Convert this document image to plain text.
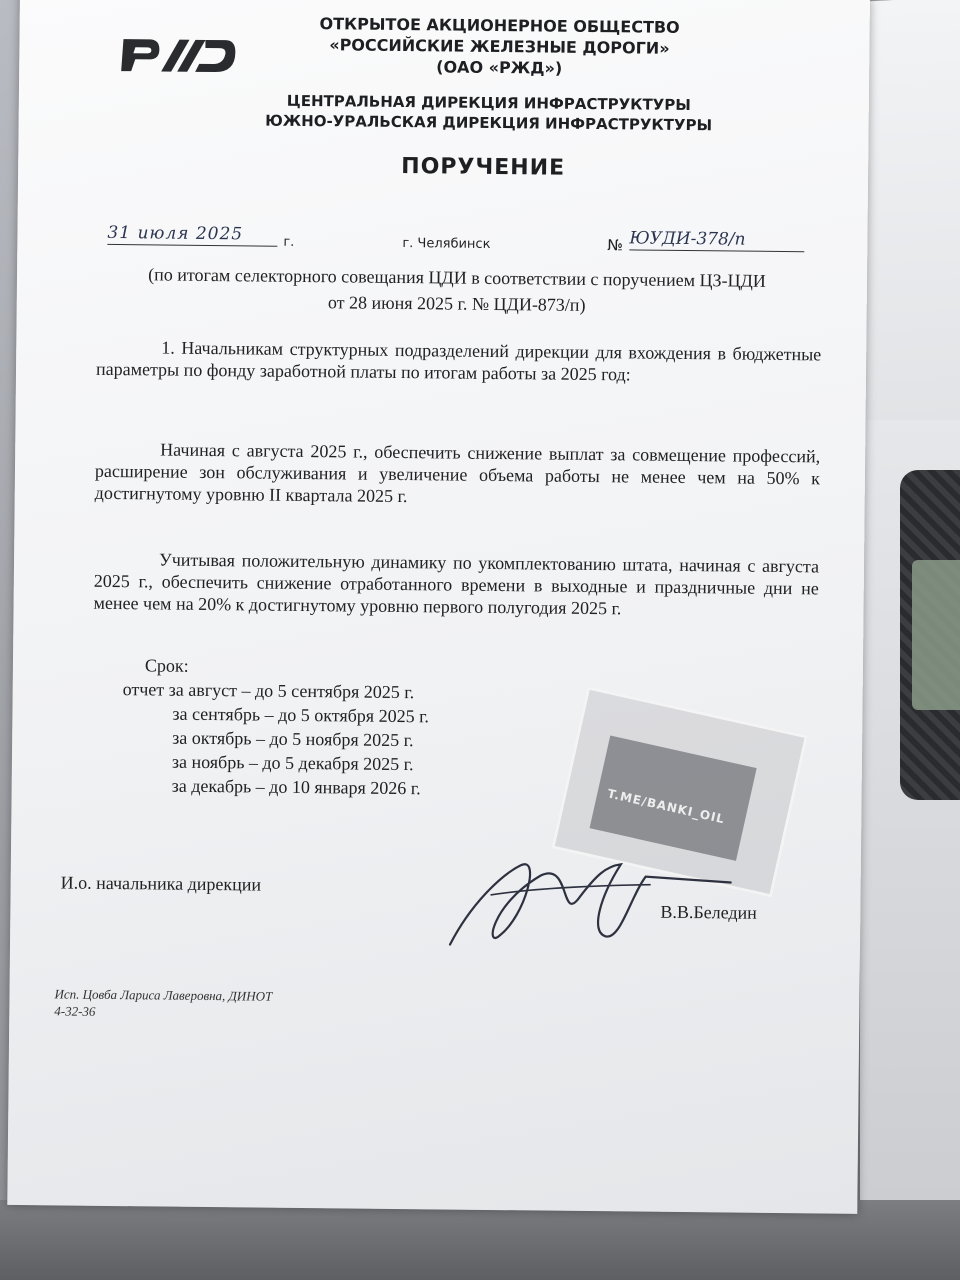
ОТКРЫТОЕ АКЦИОНЕРНОЕ ОБЩЕСТВО
«РОССИЙСКИЕ ЖЕЛЕЗНЫЕ ДОРОГИ»
(ОАО «РЖД»)
ЦЕНТРАЛЬНАЯ ДИРЕКЦИЯ ИНФРАСТРУКТУРЫ
ЮЖНО-УРАЛЬСКАЯ ДИРЕКЦИЯ ИНФРАСТРУКТУРЫ
ПОРУЧЕНИЕ
31 июля 2025	г.	г. Челябинск	№ ЮУДИ-378/п
(по итогам селекторного совещания ЦДИ в соответствии с поручением ЦЗ-ЦДИ
от 28 июня 2025 г. № ЦДИ-873/п)
1. Начальникам структурных подразделений дирекции для вхождения в бюджетные параметры по фонду заработной платы по итогам работы за 2025 год:
Начиная с августа 2025 г., обеспечить снижение выплат за совмещение профессий, расширение зон обслуживания и увеличение объема работы не менее чем на 50% к достигнутому уровню II квартала 2025 г.
Учитывая положительную динамику по укомплектованию штата, начиная с августа 2025 г., обеспечить снижение отработанного времени в выходные и праздничные дни не менее чем на 20% к достигнутому уровню первого полугодия 2025 г.
Срок:
отчет за август – до 5 сентября 2025 г.
за сентябрь – до 5 октября 2025 г.
за октябрь – до 5 ноября 2025 г.
за ноябрь – до 5 декабря 2025 г.
за декабрь – до 10 января 2026 г.	T.ME/BANKI_OIL
И.о. начальника дирекции
В.В.Беледин
Исп. Цовба Лариса Лаверовна, ДИНОТ
4-32-36
